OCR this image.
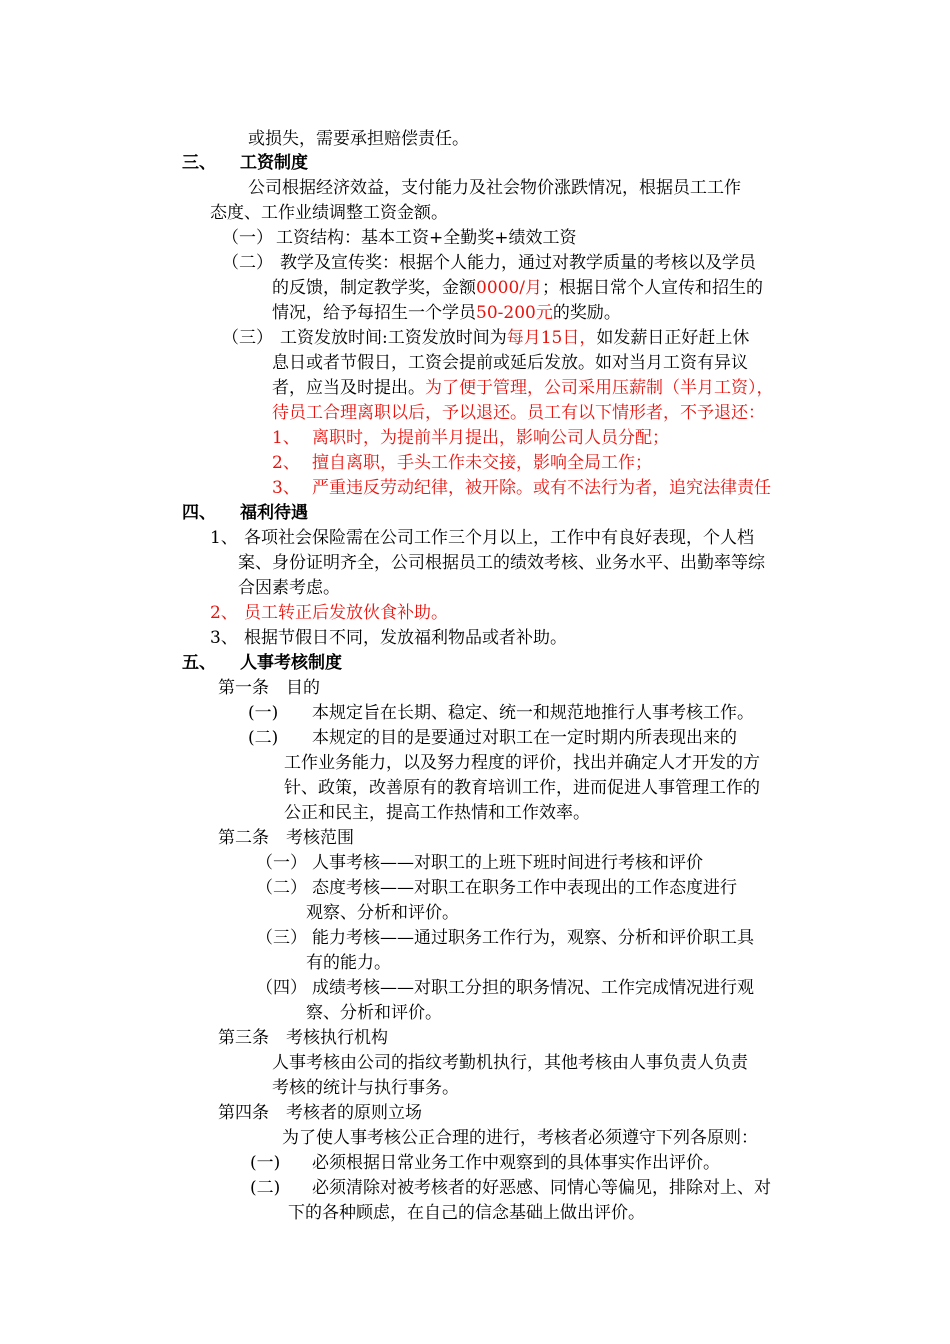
或损失，需要承担赔偿责任。
三、 工资制度
公司根据经济效益，支付能力及社会物价涨跌情况，根据员工工作
态度、工作业绩调整工资金额。
（一） 工资结构：基本工资+全勤奖+绩效工资
（二） 教学及宣传奖：根据个人能力，通过对教学质量的考核以及学员
的反馈，制定教学奖，金额0000/月；根据日常个人宣传和招生的
情况，给予每招生一个学员50-200元的奖励。
（三） 工资发放时间:工资发放时间为每月15日，如发薪日正好赶上休
息日或者节假日，工资会提前或延后发放。如对当月工资有异议
者，应当及时提出。为了便于管理，公司采用压薪制（半月工资），
待员工合理离职以后，予以退还。员工有以下情形者，不予退还：
1、 离职时，为提前半月提出，影响公司人员分配；
2、 擅自离职，手头工作未交接，影响全局工作；
3、 严重违反劳动纪律，被开除。或有不法行为者，追究法律责任
四、 福利待遇
1、 各项社会保险需在公司工作三个月以上，工作中有良好表现，个人档
案、身份证明齐全，公司根据员工的绩效考核、业务水平、出勤率等综
合因素考虑。
2、 员工转正后发放伙食补助。
3、 根据节假日不同，发放福利物品或者补助。
五、 人事考核制度
第一条　目的
(一) 本规定旨在长期、稳定、统一和规范地推行人事考核工作。
(二) 本规定的目的是要通过对职工在一定时期内所表现出来的
工作业务能力，以及努力程度的评价，找出并确定人才开发的方
针、政策，改善原有的教育培训工作，进而促进人事管理工作的
公正和民主，提高工作热情和工作效率。
第二条　考核范围
（一） 人事考核——对职工的上班下班时间进行考核和评价
（二） 态度考核——对职工在职务工作中表现出的工作态度进行
观察、分析和评价。
（三） 能力考核——通过职务工作行为，观察、分析和评价职工具
有的能力。
（四） 成绩考核——对职工分担的职务情况、工作完成情况进行观
察、分析和评价。
第三条　考核执行机构
人事考核由公司的指纹考勤机执行，其他考核由人事负责人负责
考核的统计与执行事务。
第四条　考核者的原则立场
为了使人事考核公正合理的进行，考核者必须遵守下列各原则：
(一) 必须根据日常业务工作中观察到的具体事实作出评价。
(二) 必须清除对被考核者的好恶感、同情心等偏见，排除对上、对
下的各种顾虑，在自己的信念基础上做出评价。
